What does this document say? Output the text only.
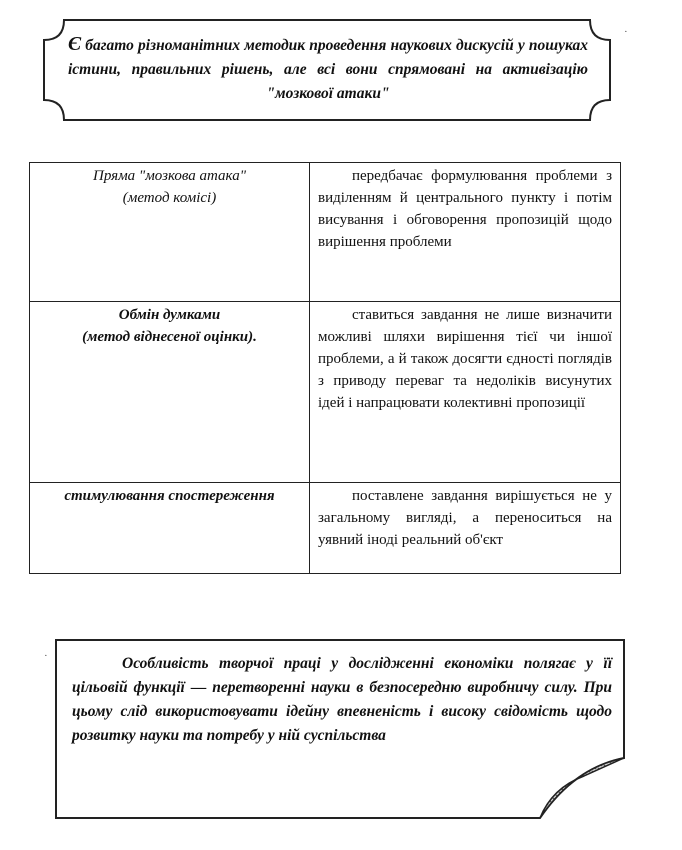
Є багато різноманітних методик проведення наукових дискусій у пошуках істини, правильних рішень, але всі вони спрямовані на активізацію "мозкової атаки"
·
Пряма "мозкова атака"
(метод комісі)	передбачає формулювання проблеми з виділенням й центрального пункту і потім висування і обговорення пропозицій щодо вирішення проблеми

Обмін думками
(метод віднесеної оцінки).	ставиться завдання не лише визначити можливі шляхи вирішення тієї чи іншої проблеми, а й також досягти єдності поглядів з приводу переваг та недоліків висунутих ідей і напрацювати колективні пропозиції

стимулювання спостереження	поставлене завдання вирішується не у загальному вигляді, а переноситься на уявний іноді реальний об'єкт
Особливість творчої праці у дослідженні економіки полягає у її цільовій функції — перетворенні науки в безпосередню виробничу силу. При цьому слід використовувати ідейну впевненість і високу свідомість щодо розвитку науки та потребу у ній суспільства
·
